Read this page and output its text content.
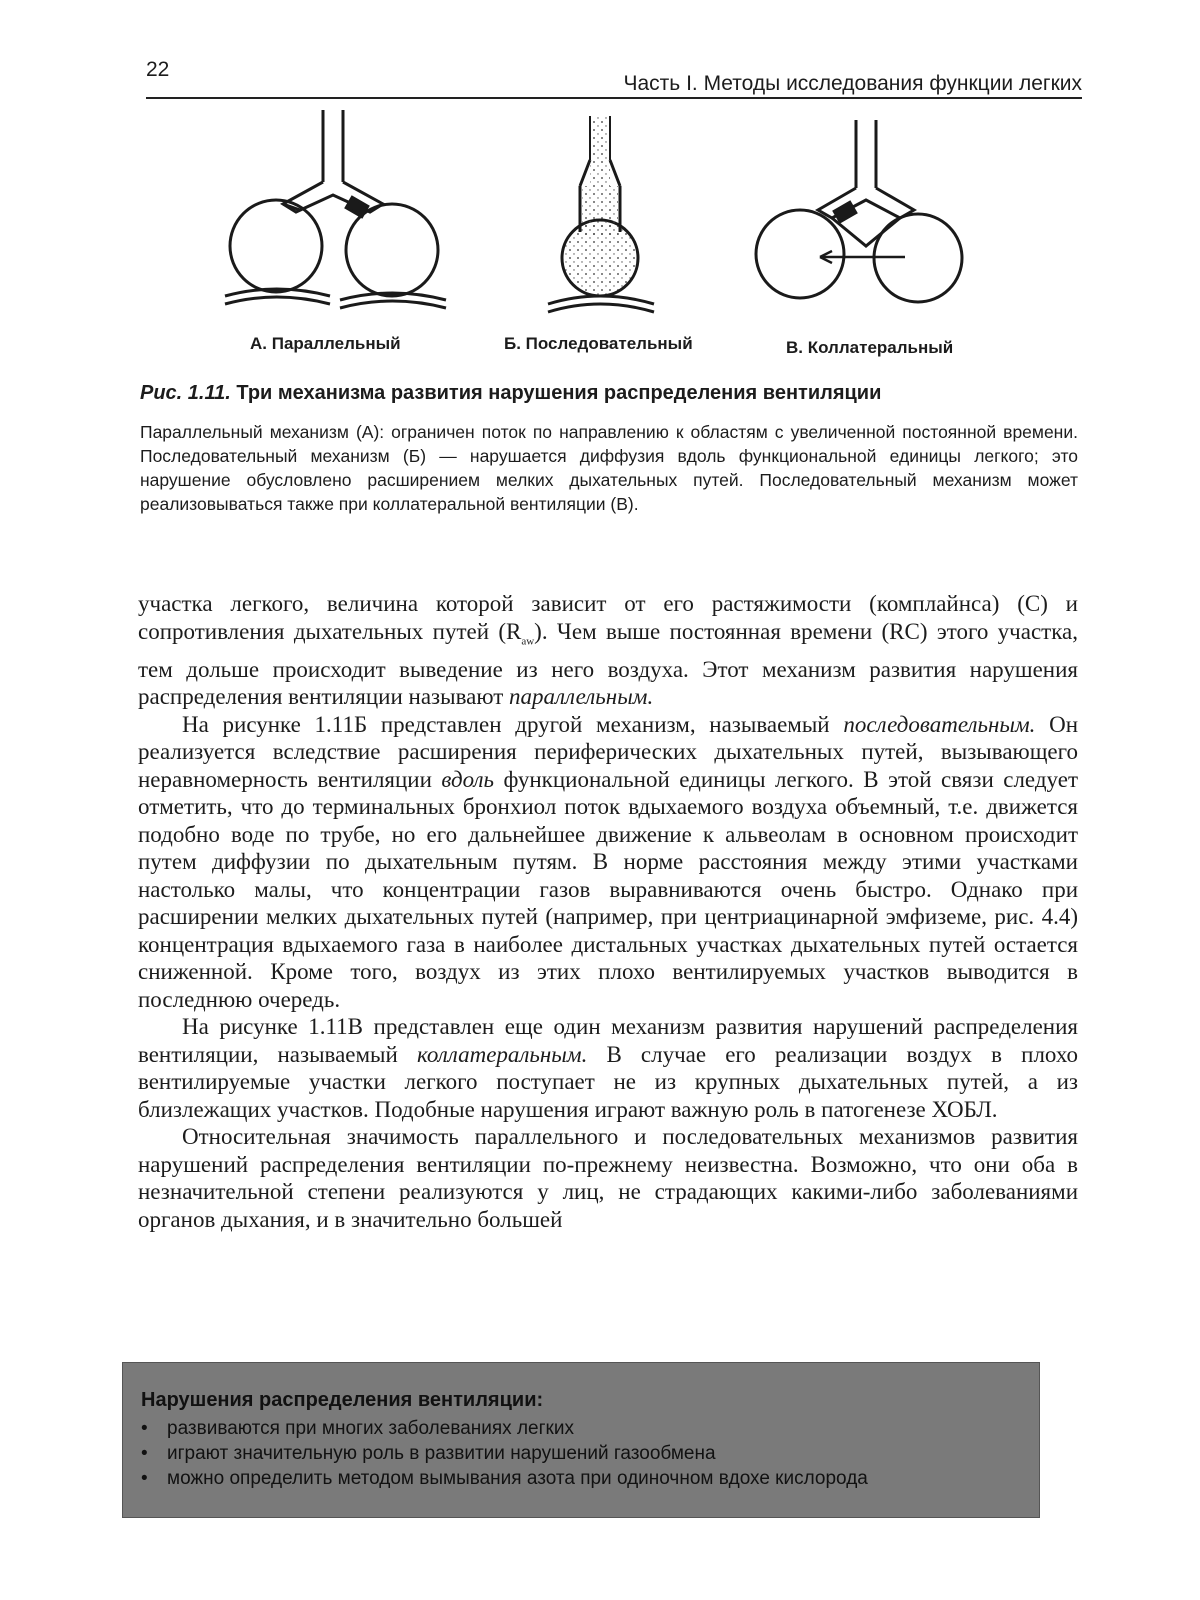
22
Часть I. Методы исследования функции легких
А. Параллельный	Б. Последовательный	В. Коллатеральный
Рис. 1.11. Три механизма развития нарушения распределения вентиляции
Параллельный механизм (А): ограничен поток по направлению к областям с увеличенной постоянной времени. Последовательный механизм (Б) — нарушается диффузия вдоль функциональной единицы легкого; это нарушение обусловлено расширением мелких дыхательных путей. Последовательный механизм может реализовываться также при коллатеральной вентиляции (В).

участка легкого, величина которой зависит от его растяжимости (комплайнса) (С) и сопротивления дыхательных путей $(R_{aw})$. Чем выше постоянная времени (RC) этого участка, тем дольше происходит выведение из него воздуха. Этот механизм развития нарушения распределения вентиляции называют параллельным.

На рисунке 1.11Б представлен другой механизм, называемый последовательным. Он реализуется вследствие расширения периферических дыхательных путей, вызывающего неравномерность вентиляции вдоль функциональной единицы легкого. В этой связи следует отметить, что до терминальных бронхиол поток вдыхаемого воздуха объемный, т.е. движется подобно воде по трубе, но его дальнейшее движение к альвеолам в основном происходит путем диффузии по дыхательным путям. В норме расстояния между этими участками настолько малы, что концентрации газов выравниваются очень быстро. Однако при расширении мелких дыхательных путей (например, при центриацинарной эмфиземе, рис. 4.4) концентрация вдыхаемого газа в наиболее дистальных участках дыхательных путей остается сниженной. Кроме того, воздух из этих плохо вентилируемых участков выводится в последнюю очередь.

На рисунке 1.11В представлен еще один механизм развития нарушений распределения вентиляции, называемый коллатеральным. В случае его реализации воздух в плохо вентилируемые участки легкого поступает не из крупных дыхательных путей, а из близлежащих участков. Подобные нарушения играют важную роль в патогенезе ХОБЛ.

Относительная значимость параллельного и последовательных механизмов развития нарушений распределения вентиляции по-прежнему неизвестна. Возможно, что они оба в незначительной степени реализуются у лиц, не страдающих какими-либо заболеваниями органов дыхания, и в значительно большей

Нарушения распределения вентиляции:
• развиваются при многих заболеваниях легких
• играют значительную роль в развитии нарушений газообмена
• можно определить методом вымывания азота при одиночном вдохе кислорода
